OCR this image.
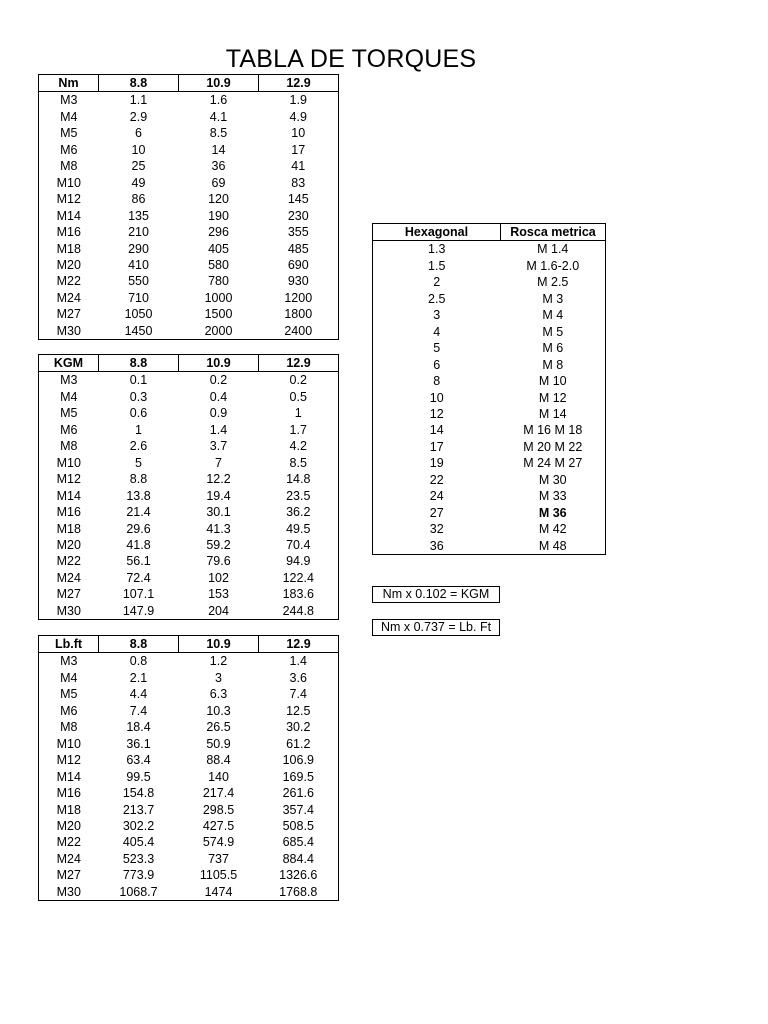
TABLA DE TORQUES
Nm	8.8	10.9	12.9
M3	1.1	1.6	1.9
M4	2.9	4.1	4.9
M5	6	8.5	10
M6	10	14	17
M8	25	36	41
M10	49	69	83
M12	86	120	145
M14	135	190	230
M16	210	296	355
M18	290	405	485
M20	410	580	690
M22	550	780	930
M24	710	1000	1200
M27	1050	1500	1800
M30	1450	2000	2400
KGM	8.8	10.9	12.9
M3	0.1	0.2	0.2
M4	0.3	0.4	0.5
M5	0.6	0.9	1
M6	1	1.4	1.7
M8	2.6	3.7	4.2
M10	5	7	8.5
M12	8.8	12.2	14.8
M14	13.8	19.4	23.5
M16	21.4	30.1	36.2
M18	29.6	41.3	49.5
M20	41.8	59.2	70.4
M22	56.1	79.6	94.9
M24	72.4	102	122.4
M27	107.1	153	183.6
M30	147.9	204	244.8
Lb.ft	8.8	10.9	12.9
M3	0.8	1.2	1.4
M4	2.1	3	3.6
M5	4.4	6.3	7.4
M6	7.4	10.3	12.5
M8	18.4	26.5	30.2
M10	36.1	50.9	61.2
M12	63.4	88.4	106.9
M14	99.5	140	169.5
M16	154.8	217.4	261.6
M18	213.7	298.5	357.4
M20	302.2	427.5	508.5
M22	405.4	574.9	685.4
M24	523.3	737	884.4
M27	773.9	1105.5	1326.6
M30	1068.7	1474	1768.8
Hexagonal	Rosca metrica
1.3	M 1.4
1.5	M 1.6-2.0
2	M 2.5
2.5	M 3
3	M 4
4	M 5
5	M 6
6	M 8
8	M 10
10	M 12
12	M 14
14	M 16 M 18
17	M 20 M 22
19	M 24 M 27
22	M 30
24	M 33
27	M 36
32	M 42
36	M 48
Nm x 0.102 = KGM
Nm x 0.737 = Lb. Ft
